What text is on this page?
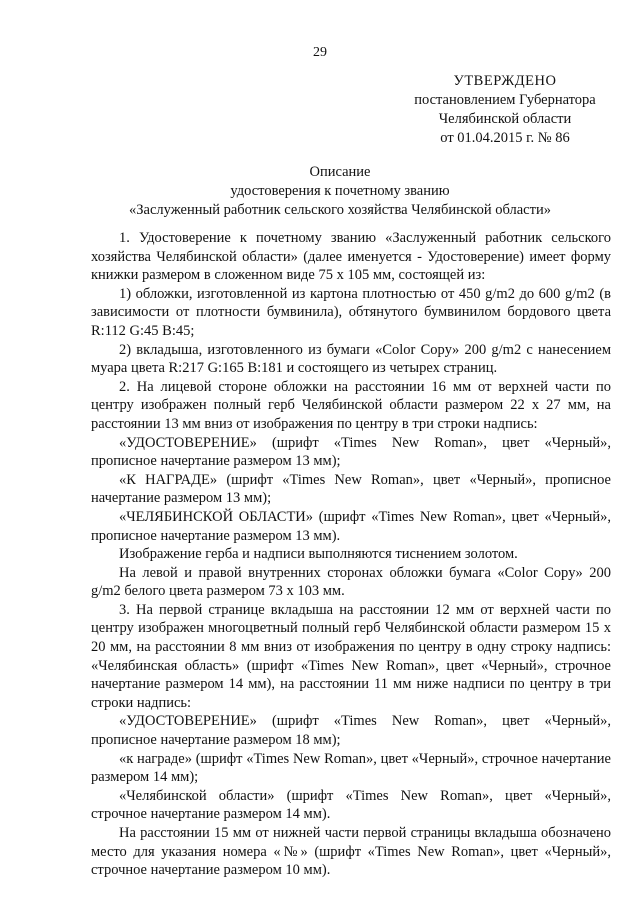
29
УТВЕРЖДЕНО
постановлением Губернатора
Челябинской области
от 01.04.2015 г. № 86
Описание
удостоверения к почетному званию
«Заслуженный работник сельского хозяйства Челябинской области»

1. Удостоверение к почетному званию «Заслуженный работник сельского хозяйства Челябинской области» (далее именуется - Удостоверение) имеет форму книжки размером в сложенном виде 75 х 105 мм, состоящей из:

1) обложки, изготовленной из картона плотностью от 450 g/m2 до 600 g/m2 (в зависимости от плотности бумвинила), обтянутого бумвинилом бордового цвета R:112 G:45 B:45;

2) вкладыша, изготовленного из бумаги «Color Copy» 200 g/m2 с нанесением муара цвета R:217 G:165 B:181 и состоящего из четырех страниц.

2. На лицевой стороне обложки на расстоянии 16 мм от верхней части по центру изображен полный герб Челябинской области размером 22 х 27 мм, на расстоянии 13 мм вниз от изображения по центру в три строки надпись:

«УДОСТОВЕРЕНИЕ» (шрифт «Times New Roman», цвет «Черный», прописное начертание размером 13 мм);

«К НАГРАДЕ» (шрифт «Times New Roman», цвет «Черный», прописное начертание размером 13 мм);

«ЧЕЛЯБИНСКОЙ ОБЛАСТИ» (шрифт «Times New Roman», цвет «Черный», прописное начертание размером 13 мм).

Изображение герба и надписи выполняются тиснением золотом.

На левой и правой внутренних сторонах обложки бумага «Color Copy» 200 g/m2 белого цвета размером 73 х 103 мм.

3. На первой странице вкладыша на расстоянии 12 мм от верхней части по центру изображен многоцветный полный герб Челябинской области размером 15 х 20 мм, на расстоянии 8 мм вниз от изображения по центру в одну строку надпись: «Челябинская область» (шрифт «Times New Roman», цвет «Черный», строчное начертание размером 14 мм), на расстоянии 11 мм ниже надписи по центру в три строки надпись:

«УДОСТОВЕРЕНИЕ» (шрифт «Times New Roman», цвет «Черный», прописное начертание размером 18 мм);

«к награде» (шрифт «Times New Roman», цвет «Черный», строчное начертание размером 14 мм);

«Челябинской области» (шрифт «Times New Roman», цвет «Черный», строчное начертание размером 14 мм).

На расстоянии 15 мм от нижней части первой страницы вкладыша обозначено место для указания номера «№» (шрифт «Times New Roman», цвет «Черный», строчное начертание размером 10 мм).
